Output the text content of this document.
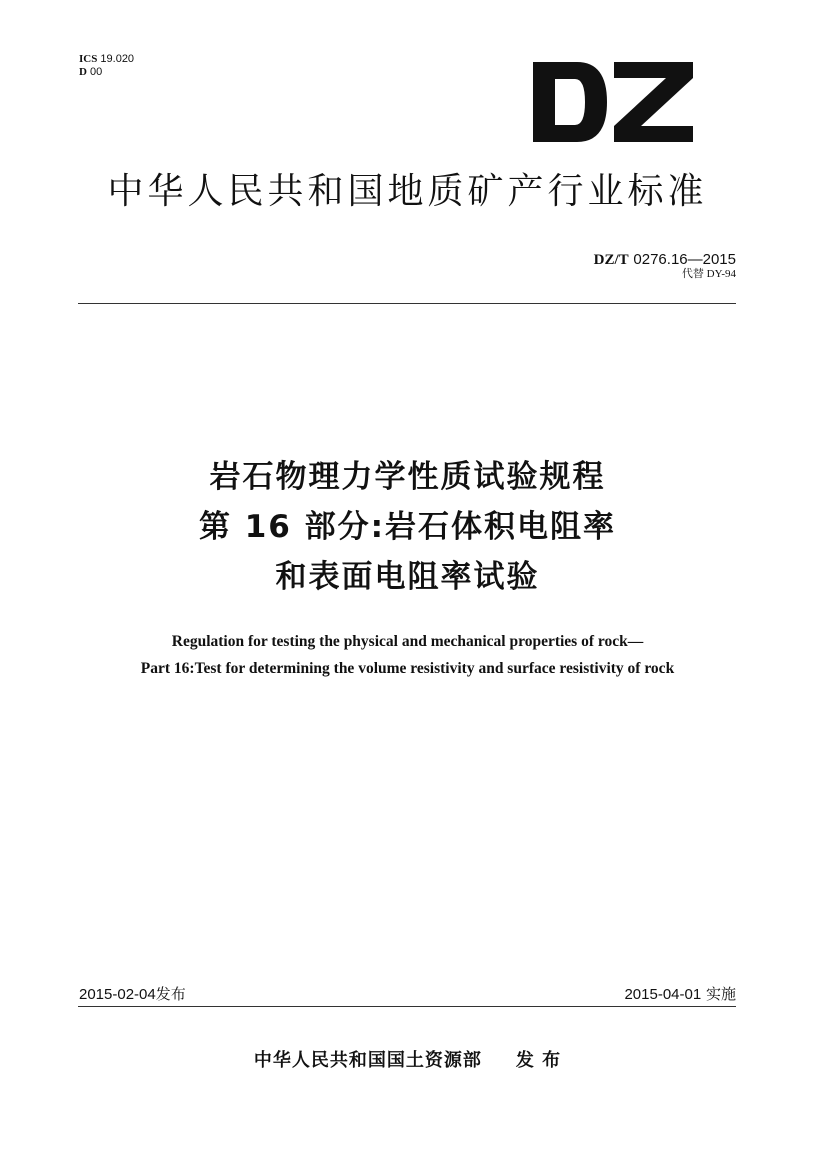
ICS 19.020
D 00
中华人民共和国地质矿产行业标准
DZ/T 0276.16—2015
代替 DY-94
岩石物理力学性质试验规程
第 16 部分:岩石体积电阻率
和表面电阻率试验
Regulation for testing the physical and mechanical properties of rock—
Part 16:Test for determining the volume resistivity and surface resistivity of rock
2015-02-04发布	2015-04-01 实施
中华人民共和国国土资源部 发 布
